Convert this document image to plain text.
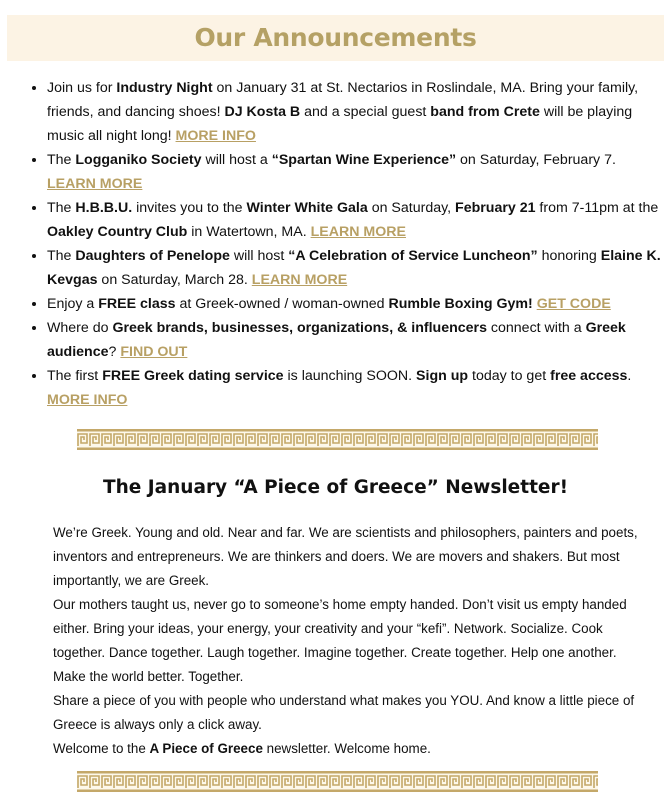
Our Announcements
• Join us for Industry Night on January 31 at St. Nectarios in Roslindale, MA. Bring your family, friends, and dancing shoes! DJ Kosta B and a special guest band from Crete will be playing music all night long! MORE INFO
• The Logganiko Society will host a “Spartan Wine Experience” on Saturday, February 7. LEARN MORE
• The H.B.B.U. invites you to the Winter White Gala on Saturday, February 21 from 7-11pm at the Oakley Country Club in Watertown, MA. LEARN MORE
• The Daughters of Penelope will host “A Celebration of Service Luncheon” honoring Elaine K. Kevgas on Saturday, March 28. LEARN MORE
• Enjoy a FREE class at Greek-owned / woman-owned Rumble Boxing Gym! GET CODE
• Where do Greek brands, businesses, organizations, & influencers connect with a Greek audience? FIND OUT
• The first FREE Greek dating service is launching SOON. Sign up today to get free access. MORE INFO
The January “A Piece of Greece” Newsletter!

We’re Greek. Young and old. Near and far. We are scientists and philosophers, painters and poets, inventors and entrepreneurs. We are thinkers and doers. We are movers and shakers. But most importantly, we are Greek.

Our mothers taught us, never go to someone’s home empty handed. Don’t visit us empty handed either. Bring your ideas, your energy, your creativity and your “kefi”. Network. Socialize. Cook together. Dance together. Laugh together. Imagine together. Create together. Help one another. Make the world better. Together.

Share a piece of you with people who understand what makes you YOU. And know a little piece of Greece is always only a click away.

Welcome to the A Piece of Greece newsletter. Welcome home.
